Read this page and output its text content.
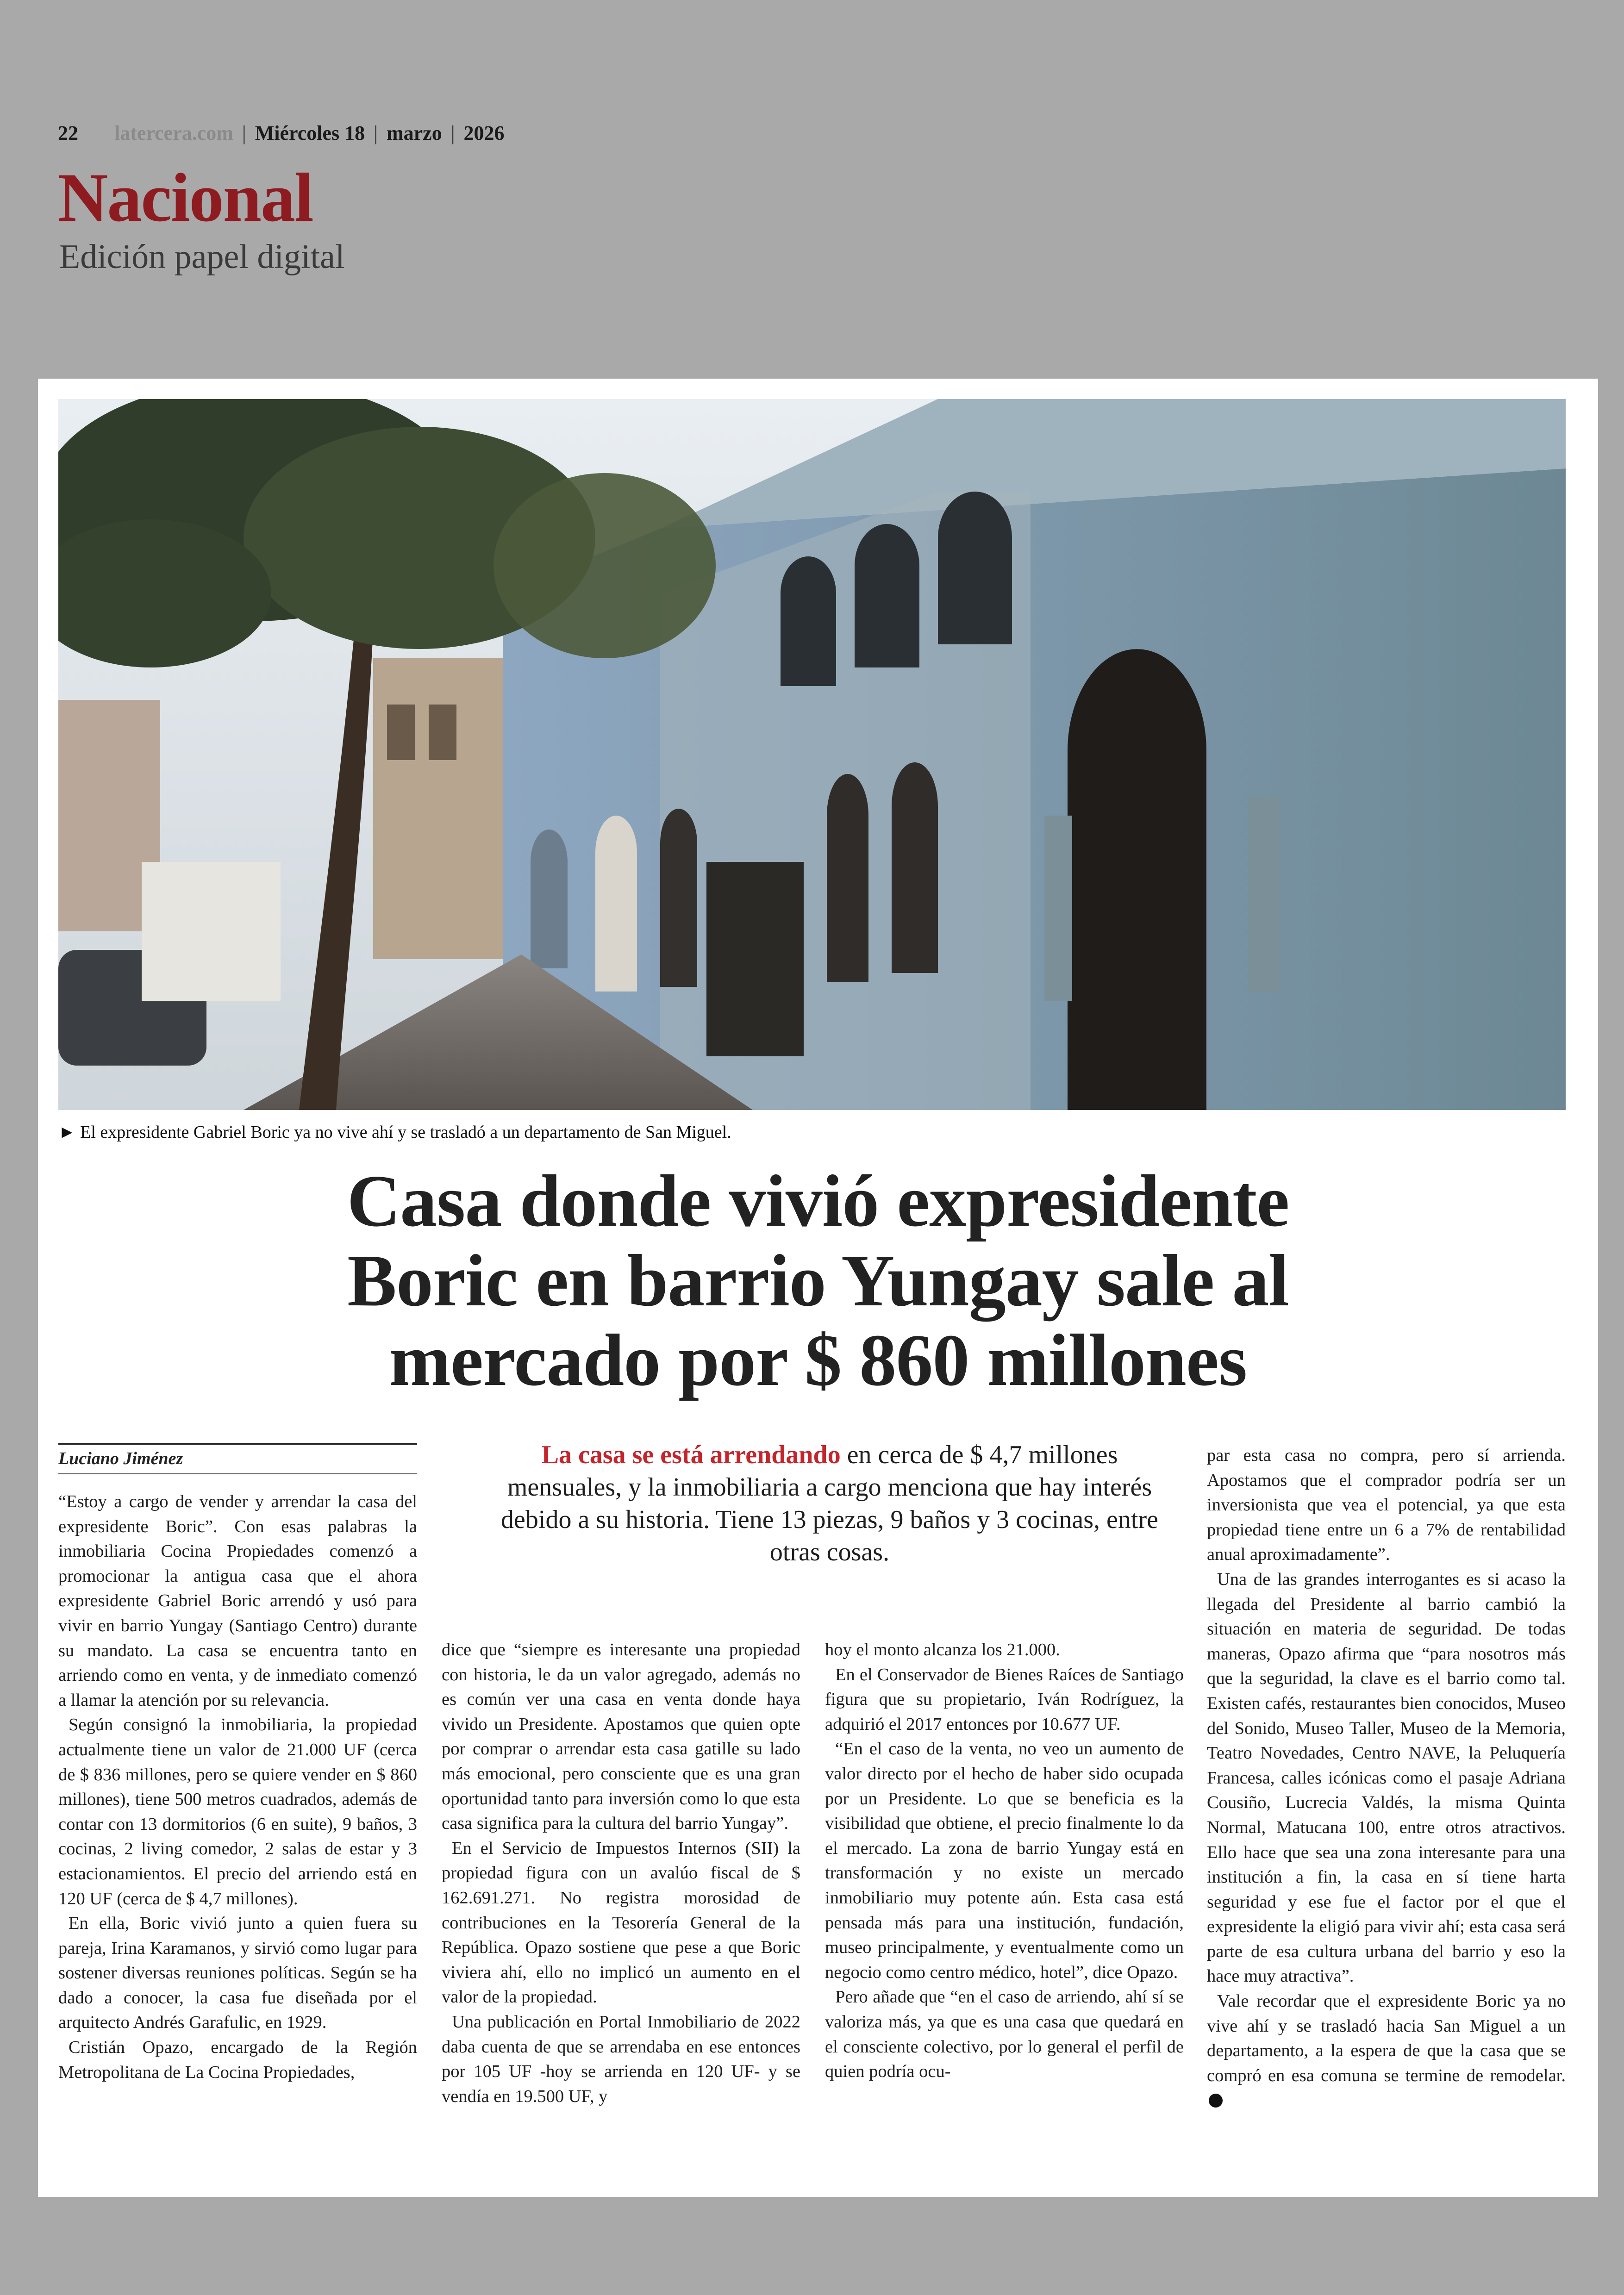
22 latercera.com | Miércoles 18 | marzo | 2026
Nacional
Edición papel digital
► El expresidente Gabriel Boric ya no vive ahí y se trasladó a un departamento de San Miguel.
Casa donde vivió expresidente
Boric en barrio Yungay sale al
mercado por $ 860 millones
Luciano Jiménez	La casa se está arrendando en cerca de $ 4,7 millones mensuales, y la inmobiliaria a cargo menciona que hay interés debido a su historia. Tiene 13 piezas, 9 baños y 3 cocinas, entre otras cosas.

“Estoy a cargo de vender y arrendar la casa del expresidente Boric”. Con esas palabras la inmobiliaria Cocina Propiedades comenzó a promocionar la antigua casa que el ahora expresidente Gabriel Boric arrendó y usó para vivir en barrio Yungay (Santiago Centro) durante su mandato. La casa se encuentra tanto en arriendo como en venta, y de inmediato comenzó a llamar la atención por su relevancia.

Según consignó la inmobiliaria, la propiedad actualmente tiene un valor de 21.000 UF (cerca de $ 836 millones, pero se quiere vender en $ 860 millones), tiene 500 metros cuadrados, además de contar con 13 dormitorios (6 en suite), 9 baños, 3 cocinas, 2 living comedor, 2 salas de estar y 3 estacionamientos. El precio del arriendo está en 120 UF (cerca de $ 4,7 millones).

En ella, Boric vivió junto a quien fuera su pareja, Irina Karamanos, y sirvió como lugar para sostener diversas reuniones políticas. Según se ha dado a conocer, la casa fue diseñada por el arquitecto Andrés Garafulic, en 1929.

Cristián Opazo, encargado de la Región Metropolitana de La Cocina Propiedades,

dice que “siempre es interesante una propiedad con historia, le da un valor agregado, además no es común ver una casa en venta donde haya vivido un Presidente. Apostamos que quien opte por comprar o arrendar esta casa gatille su lado más emocional, pero consciente que es una gran oportunidad tanto para inversión como lo que esta casa significa para la cultura del barrio Yungay”.

En el Servicio de Impuestos Internos (SII) la propiedad figura con un avalúo fiscal de $ 162.691.271. No registra morosidad de contribuciones en la Tesorería General de la República. Opazo sostiene que pese a que Boric viviera ahí, ello no implicó un aumento en el valor de la propiedad.

Una publicación en Portal Inmobiliario de 2022 daba cuenta de que se arrendaba en ese entonces por 105 UF -hoy se arrienda en 120 UF- y se vendía en 19.500 UF, y

hoy el monto alcanza los 21.000.

En el Conservador de Bienes Raíces de Santiago figura que su propietario, Iván Rodríguez, la adquirió el 2017 entonces por 10.677 UF.

“En el caso de la venta, no veo un aumento de valor directo por el hecho de haber sido ocupada por un Presidente. Lo que se beneficia es la visibilidad que obtiene, el precio finalmente lo da el mercado. La zona de barrio Yungay está en transformación y no existe un mercado inmobiliario muy potente aún. Esta casa está pensada más para una institución, fundación, museo principalmente, y eventualmente como un negocio como centro médico, hotel”, dice Opazo.

Pero añade que “en el caso de arriendo, ahí sí se valoriza más, ya que es una casa que quedará en el consciente colectivo, por lo general el perfil de quien podría ocu-

par esta casa no compra, pero sí arrienda. Apostamos que el comprador podría ser un inversionista que vea el potencial, ya que esta propiedad tiene entre un 6 a 7% de rentabilidad anual aproximadamente”.

Una de las grandes interrogantes es si acaso la llegada del Presidente al barrio cambió la situación en materia de seguridad. De todas maneras, Opazo afirma que “para nosotros más que la seguridad, la clave es el barrio como tal. Existen cafés, restaurantes bien conocidos, Museo del Sonido, Museo Taller, Museo de la Memoria, Teatro Novedades, Centro NAVE, la Peluquería Francesa, calles icónicas como el pasaje Adriana Cousiño, Lucrecia Valdés, la misma Quinta Normal, Matucana 100, entre otros atractivos. Ello hace que sea una zona interesante para una institución a fin, la casa en sí tiene harta seguridad y ese fue el factor por el que el expresidente la eligió para vivir ahí; esta casa será parte de esa cultura urbana del barrio y eso la hace muy atractiva”.

Vale recordar que el expresidente Boric ya no vive ahí y se trasladó hacia San Miguel a un departamento, a la espera de que la casa que se compró en esa comuna se termine de remodelar.
